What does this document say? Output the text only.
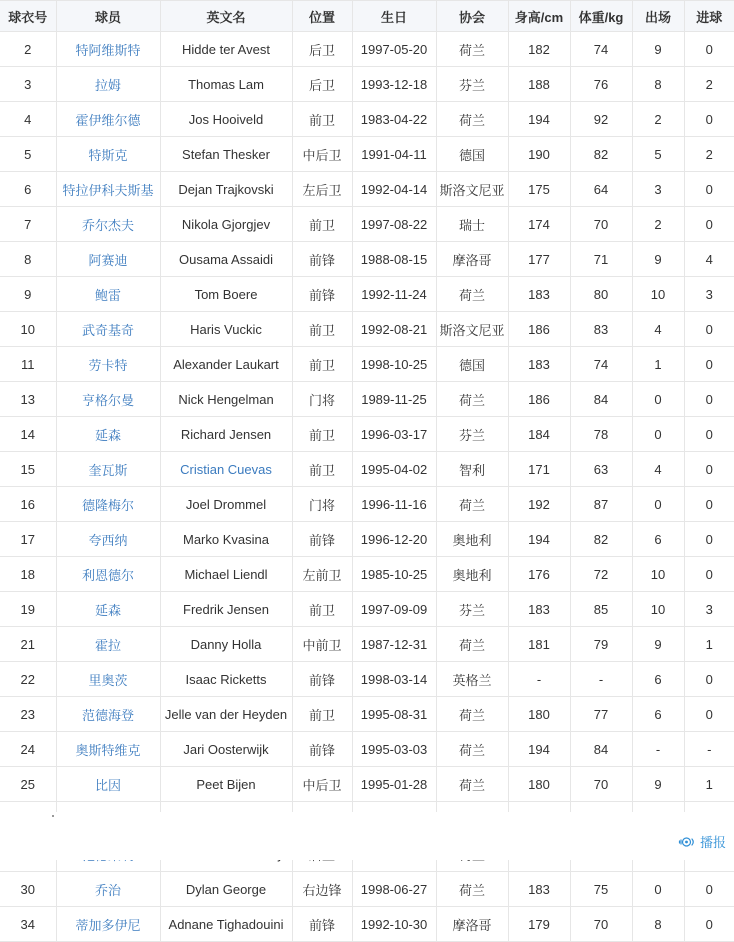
球衣号	球员	英文名	位置	生日	协会	身高/cm	体重/kg	出场	进球
2	特阿维斯特	Hidde ter Avest	后卫	1997-05-20	荷兰	182	74	9	0
3	拉姆	Thomas Lam	后卫	1993-12-18	芬兰	188	76	8	2
4	霍伊维尔德	Jos Hooiveld	前卫	1983-04-22	荷兰	194	92	2	0
5	特斯克	Stefan Thesker	中后卫	1991-04-11	德国	190	82	5	2
6	特拉伊科夫斯基	Dejan Trajkovski	左后卫	1992-04-14	斯洛文尼亚	175	64	3	0
7	乔尔杰夫	Nikola Gjorgjev	前卫	1997-08-22	瑞士	174	70	2	0
8	阿赛迪	Ousama Assaidi	前锋	1988-08-15	摩洛哥	177	71	9	4
9	鲍雷	Tom Boere	前锋	1992-11-24	荷兰	183	80	10	3
10	武奇基奇	Haris Vuckic	前卫	1992-08-21	斯洛文尼亚	186	83	4	0
11	劳卡特	Alexander Laukart	前卫	1998-10-25	德国	183	74	1	0
13	亨格尔曼	Nick Hengelman	门将	1989-11-25	荷兰	186	84	0	0
14	延森	Richard Jensen	前卫	1996-03-17	芬兰	184	78	0	0
15	奎瓦斯	Cristian Cuevas	前卫	1995-04-02	智利	171	63	4	0
16	德隆梅尔	Joel Drommel	门将	1996-11-16	荷兰	192	87	0	0
17	夸西纳	Marko Kvasina	前锋	1996-12-20	奥地利	194	82	6	0
18	利恩德尔	Michael Liendl	左前卫	1985-10-25	奥地利	176	72	10	0
19	延森	Fredrik Jensen	前卫	1997-09-09	芬兰	183	85	10	3
21	霍拉	Danny Holla	中前卫	1987-12-31	荷兰	181	79	9	1
22	里奥茨	Isaac Ricketts	前锋	1998-03-14	英格兰	-	-	6	0
23	范德海登	Jelle van der Heyden	前卫	1995-08-31	荷兰	180	77	6	0
24	奥斯特维克	Jari Oosterwijk	前锋	1995-03-03	荷兰	194	84	-	-
25	比因	Peet Bijen	中后卫	1995-01-28	荷兰	180	70	9	1

30	乔治	Dylan George	右边锋	1998-06-27	荷兰	183	75	0	0
34	蒂加多伊尼	Adnane Tighadouini	前锋	1992-10-30	摩洛哥	179	70	8	0
播报
